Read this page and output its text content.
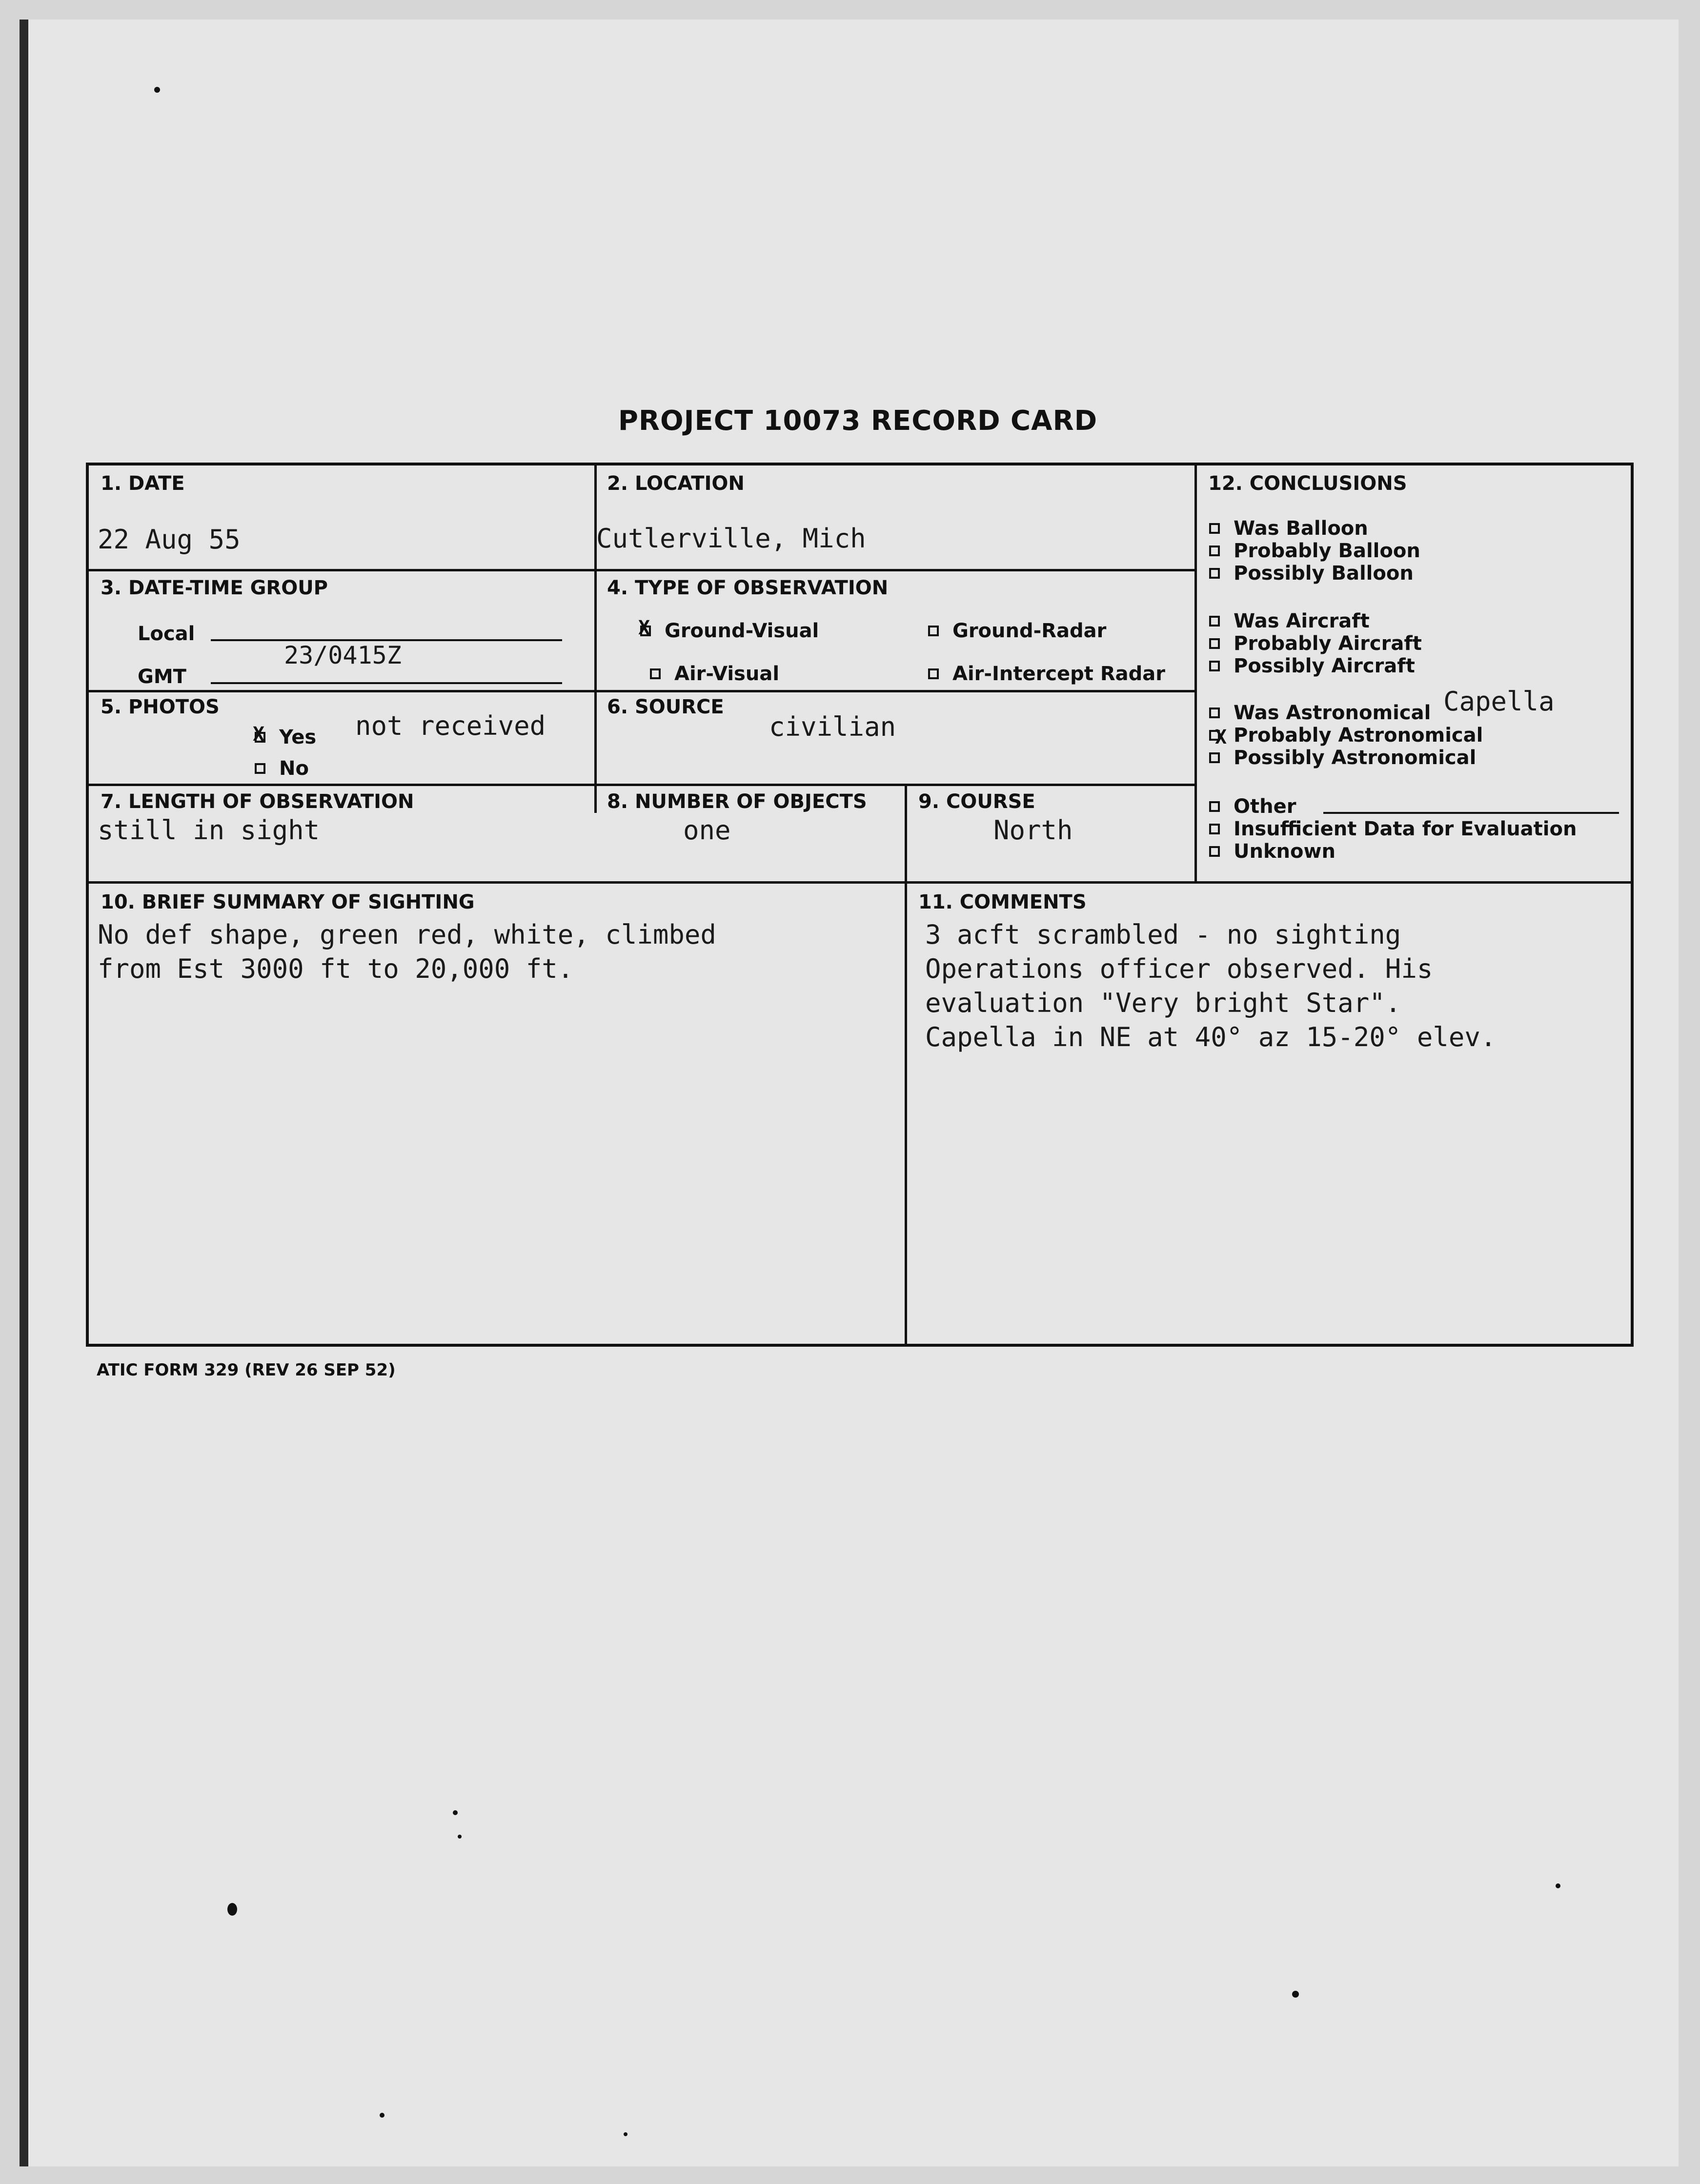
PROJECT 10073 RECORD CARD
1. DATE
22 Aug 55
2. LOCATION
Cutlerville, Mich
3. DATE-TIME GROUP
Local
23/0415Z
GMT
4. TYPE OF OBSERVATION
X Ground-Visual	Ground-Radar
Air-Visual	Air-Intercept Radar
5. PHOTOS
X Yes
No
not received
6. SOURCE
civilian
7. LENGTH OF OBSERVATION
still in sight
8. NUMBER OF OBJECTS
one
9. COURSE
North
10. BRIEF SUMMARY OF SIGHTING
No def shape, green red, white, climbed
from Est 3000 ft to 20,000 ft.
11. COMMENTS
3 acft scrambled - no sighting
Operations officer observed. His
evaluation "Very bright Star".
Capella in NE at 40° az 15-20° elev.
12. CONCLUSIONS
Was Balloon
Probably Balloon
Possibly Balloon
Was Aircraft
Probably Aircraft
Possibly Aircraft
Was Astronomical Capella
X Probably Astronomical
Possibly Astronomical
Other
Insufficient Data for Evaluation
Unknown
ATIC FORM 329 (REV 26 SEP 52)
